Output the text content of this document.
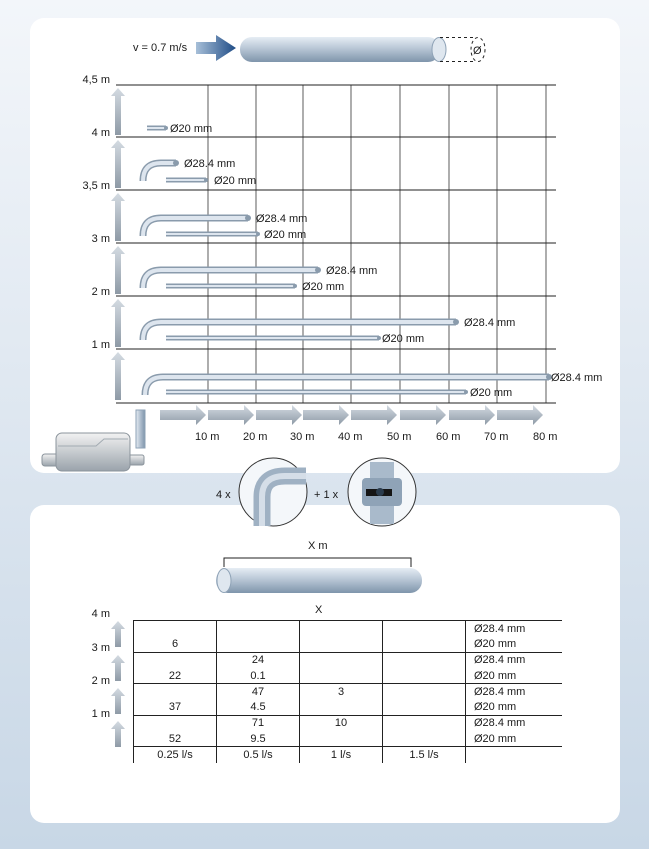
v = 0.7 m/s	Ø
4,5 m
4 m
3,5 m
3 m
2 m
1 m
10 m 20 m 30 m 40 m 50 m 60 m 70 m 80 m
Ø20 mm
Ø28.4 mm
Ø20 mm
Ø28.4 mm
Ø20 mm
Ø28.4 mm
Ø20 mm
Ø28.4 mm
Ø20 mm
Ø28.4 mm
Ø20 mm
4 m
3 m
2 m
1 m
4 x	+ 1 x
X m
X
				Ø28.4 mm
6				Ø20 mm
	24			Ø28.4 mm
22	0.1			Ø20 mm
	47	3		Ø28.4 mm
37	4.5			Ø20 mm
	71	10		Ø28.4 mm
52	9.5			Ø20 mm
0.25 l/s	0.5 l/s	1 l/s	1.5 l/s	
